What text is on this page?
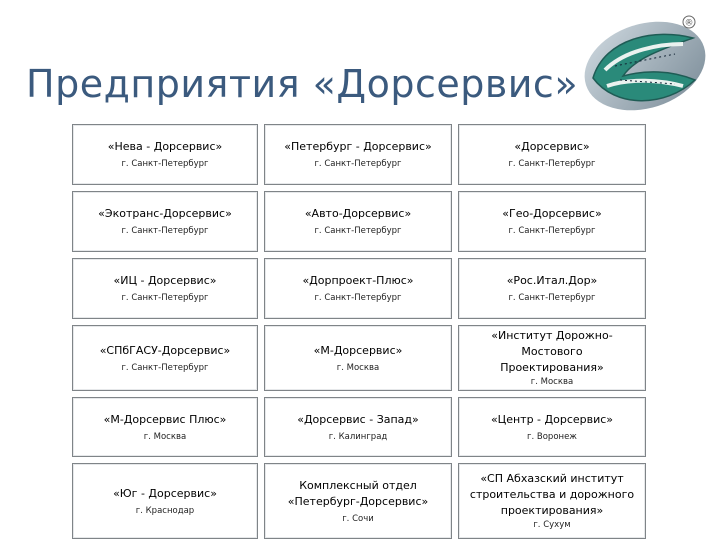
®
Предприятия «Дорсервис»
«Нева - Дорсервис»
г. Санкт-Петербург
«Петербург - Дорсервис»
г. Санкт-Петербург
«Дорсервис»
г. Санкт-Петербург
«Экотранс-Дорсервис»
г. Санкт-Петербург
«Авто-Дорсервис»
г. Санкт-Петербург
«Гео-Дорсервис»
г. Санкт-Петербург
«ИЦ - Дорсервис»
г. Санкт-Петербург
«Дорпроект-Плюс»
г. Санкт-Петербург
«Рос.Итал.Дор»
г. Санкт-Петербург
«СПбГАСУ-Дорсервис»
г. Санкт-Петербург
«М-Дорсервис»
г. Москва
«Институт Дорожно-Мостового Проектирования»
г. Москва
«М-Дорсервис Плюс»
г. Москва
«Дорсервис - Запад»
г. Калинград
«Центр - Дорсервис»
г. Воронеж
«Юг - Дорсервис»
г. Краснодар
Комплексный отдел «Петербург-Дорсервис»
г. Сочи
«СП Абхазский институт строительства и дорожного проектирования»
г. Сухум
